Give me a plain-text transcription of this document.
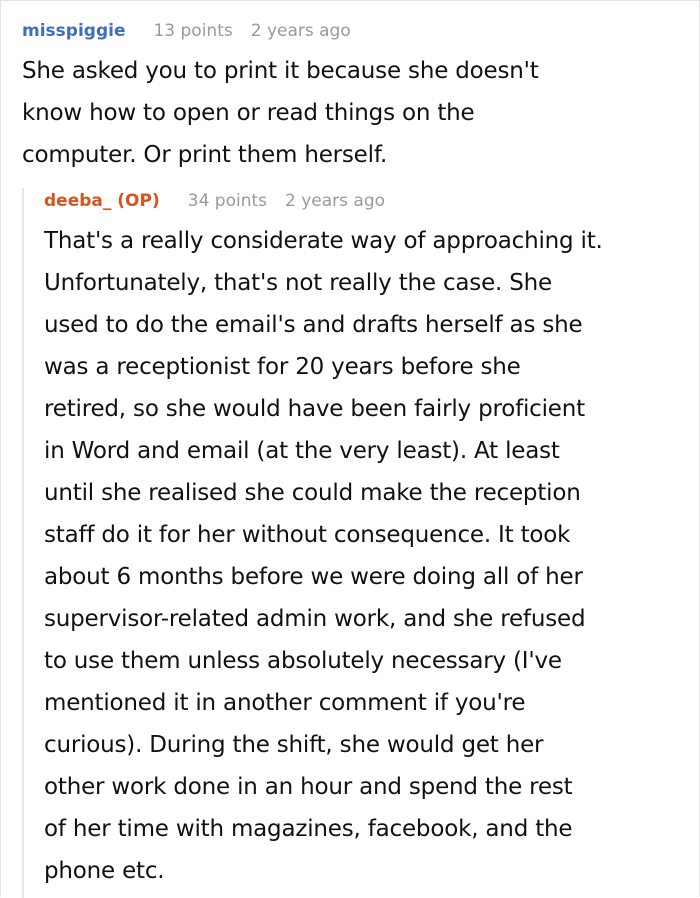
misspiggie 13 points 2 years ago
She asked you to print it because she doesn't
know how to open or read things on the
computer. Or print them herself.
deeba_ (OP) 34 points 2 years ago
That's a really considerate way of approaching it.
Unfortunately, that's not really the case. She
used to do the email's and drafts herself as she
was a receptionist for 20 years before she
retired, so she would have been fairly proficient
in Word and email (at the very least). At least
until she realised she could make the reception
staff do it for her without consequence. It took
about 6 months before we were doing all of her
supervisor-related admin work, and she refused
to use them unless absolutely necessary (I've
mentioned it in another comment if you're
curious). During the shift, she would get her
other work done in an hour and spend the rest
of her time with magazines, facebook, and the
phone etc.
